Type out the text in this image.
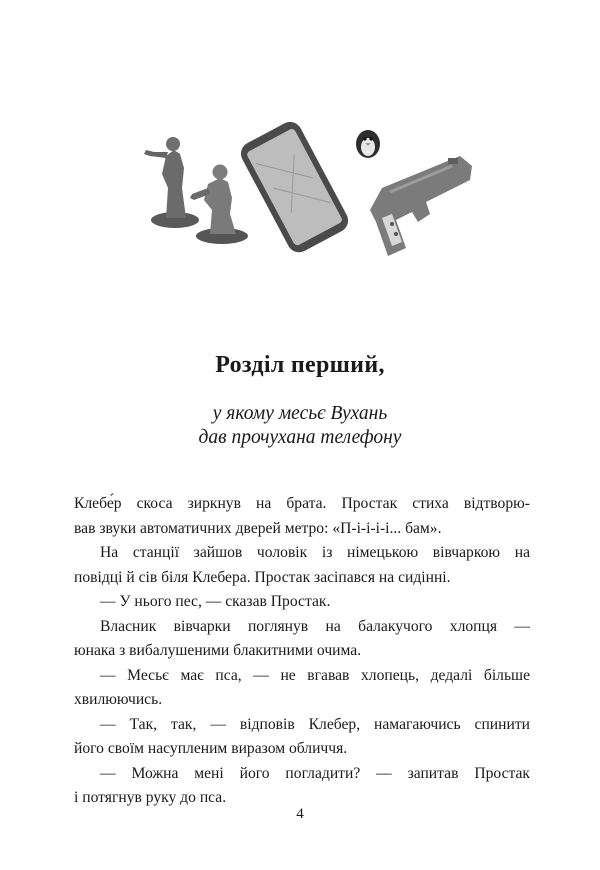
Розділ перший,
у якому месьє Вухань
дав прочухана телефону
Клебе́р скоса зиркнув на брата. Простак стиха відтворю-
вав звуки автоматичних дверей метро: «П-і-і-і-і... бам».
На станції зайшов чоловік із німецькою вівчаркою на
повідці й сів біля Клебера. Простак засіпався на сидінні.
— У нього пес, — сказав Простак.
Власник вівчарки поглянув на балакучого хлопця —
юнака з вибалушеними блакитними очима.
— Месьє має пса, — не вгавав хлопець, дедалі більше
хвилюючись.
— Так, так, — відповів Клебер, намагаючись спинити
його своїм насупленим виразом обличчя.
— Можна мені його погладити? — запитав Простак
і потягнув руку до пса.
4
